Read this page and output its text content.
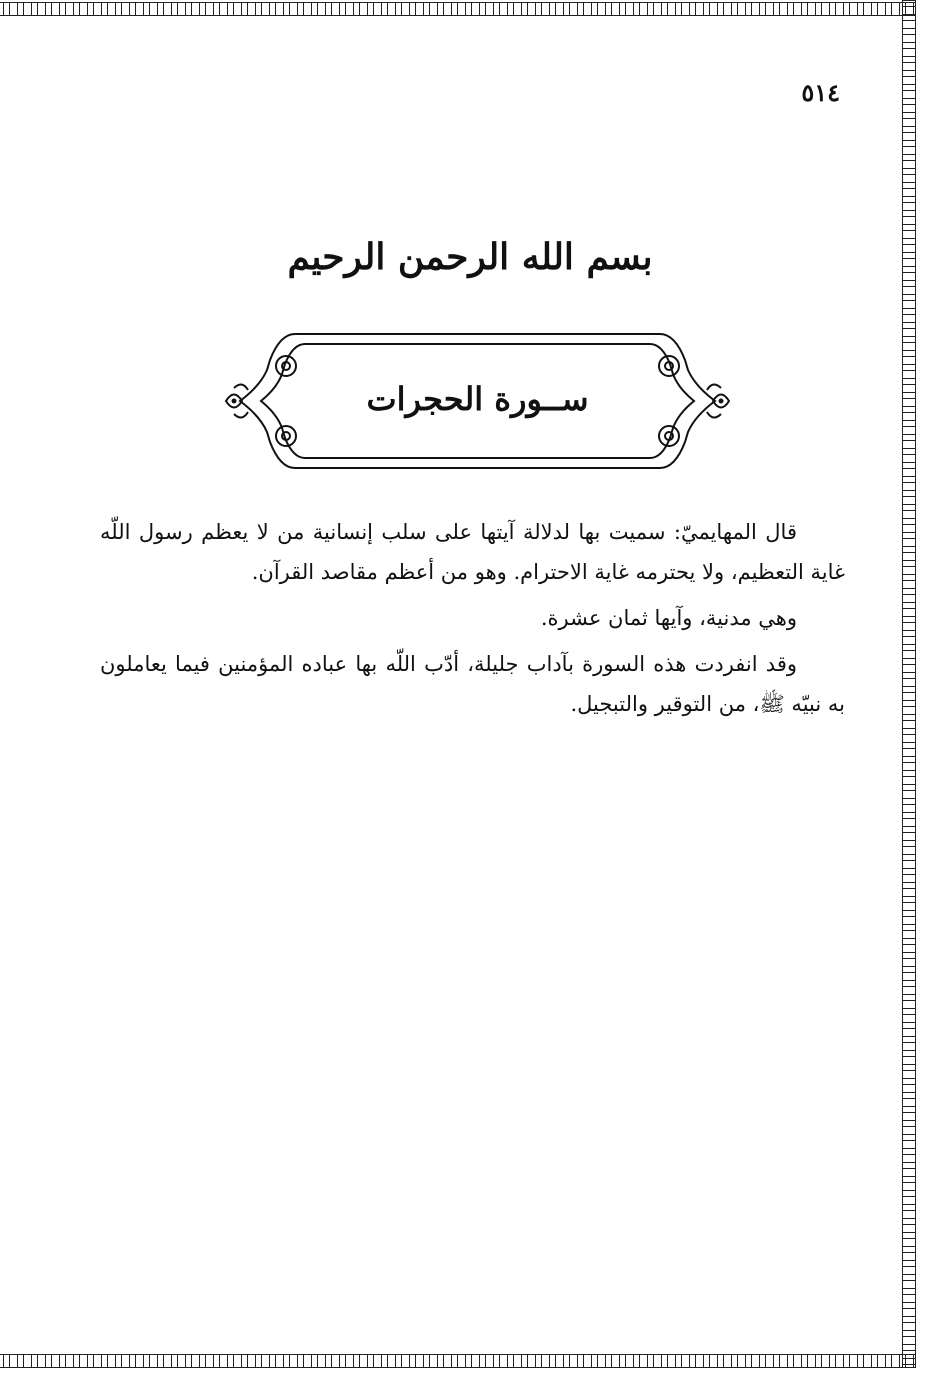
٥١٤
بسم الله الرحمن الرحيم
ســورة الحجرات

قال المهايميّ: سميت بها لدلالة آيتها على سلب إنسانية من لا يعظم رسول اللّه غاية التعظيم، ولا يحترمه غاية الاحترام. وهو من أعظم مقاصد القرآن.

وهي مدنية، وآيها ثمان عشرة.

وقد انفردت هذه السورة بآداب جليلة، أدّب اللّه بها عباده المؤمنين فيما يعاملون به نبيّه ﷺ، من التوقير والتبجيل.
